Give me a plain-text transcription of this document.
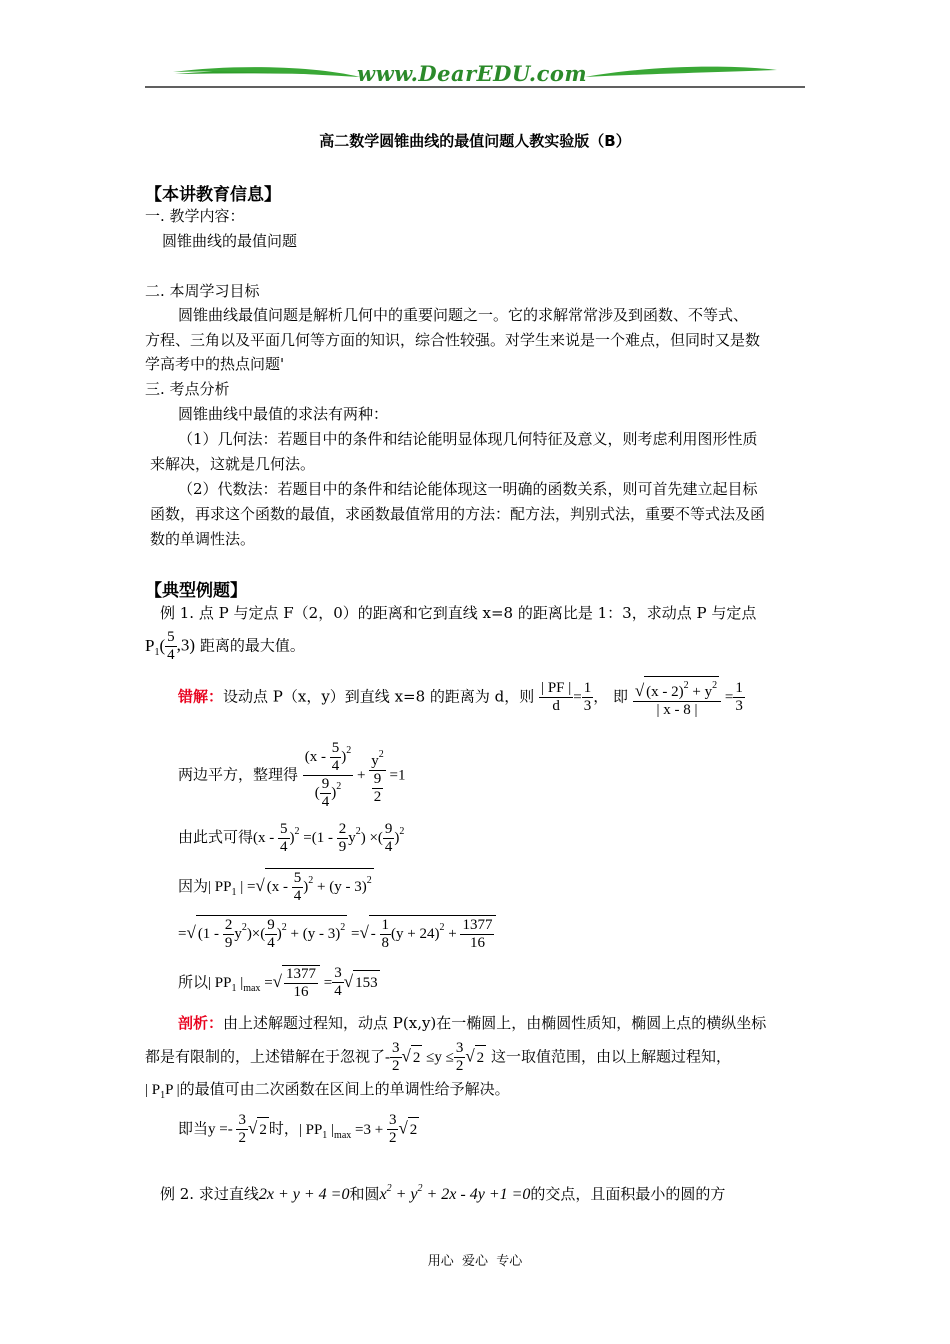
www.DearEDU.com
高二数学圆锥曲线的最值问题人教实验版（B）
【本讲教育信息】
一. 教学内容：
圆锥曲线的最值问题
二. 本周学习目标
圆锥曲线最值问题是解析几何中的重要问题之一。它的求解常常涉及到函数、不等式、
方程、三角以及平面几何等方面的知识，综合性较强。对学生来说是一个难点，但同时又是数
学高考中的热点问题'
三. 考点分析
圆锥曲线中最值的求法有两种：
（1）几何法：若题目中的条件和结论能明显体现几何特征及意义，则考虑利用图形性质
来解决，这就是几何法。
（2）代数法：若题目中的条件和结论能体现这一明确的函数关系，则可首先建立起目标
函数，再求这个函数的最值，求函数最值常用的方法：配方法，判别式法，重要不等式法及函
数的单调性法。
【典型例题】
例 1. 点 P 与定点 F（2，0）的距离和它到直线 x=8 的距离比是 1：3，求动点 P 与定点
$P_1( \frac{5}{4} ,3)$ 距离的最大值。
错解：设动点 P（x，y）到直线 x=8 的距离为 d，则 $\frac{| PF |}{d} = \frac{1}{3}$ ， 即 $\frac{√ (x - 2)^2 + y^2}{| x - 8 |} = \frac{1}{3}$
两边平方，整理得 $\frac{(x - \frac{5}{4} )^2}{( \frac{9}{4} )^2} + \frac{y^2}{\frac{9}{2}} =1$
由此式可得$(x - \frac{5}{4} )^2 =(1 - \frac{2}{9} y^2)$ ×( $\frac{9}{4} )^2$
因为| $PP_1$ | =√ $(x - \frac{5}{4} )^2 + (y - 3)^2$
=√ $(1 - \frac{2}{9} y^2)\times( \frac{9}{4} )^2 + (y - 3)^2$ =√ - $\frac{1}{8} (y + 24)^2 + \frac{1377}{16}$
所以| $PP_1$ $|_{max}$ =√ $\frac{1377}{16} = \frac{3}{4}$ √ 153
剖析：由上述解题过程知，动点 P(x,y)在一椭圆上，由椭圆性质知，椭圆上点的横纵坐标
都是有限制的，上述错解在于忽视了- $\frac{3}{2}$ √ $2 \le y \le \frac{3}{2}$ √ 2 这一取值范围，由以上解题过程知，
| $P_1P$ |的最值可由二次函数在区间上的单调性给予解决。
即当$y =- \frac{3}{2}$ √ 2 时，| $PP_1$ $|_{max} =3 + \frac{3}{2}$ √ 2
例 2. 求过直线2x + y + 4 =0和圆$x^2 + y^2 + 2x - 4y +1 =0$的交点，且面积最小的圆的方
用心  爱心  专心
